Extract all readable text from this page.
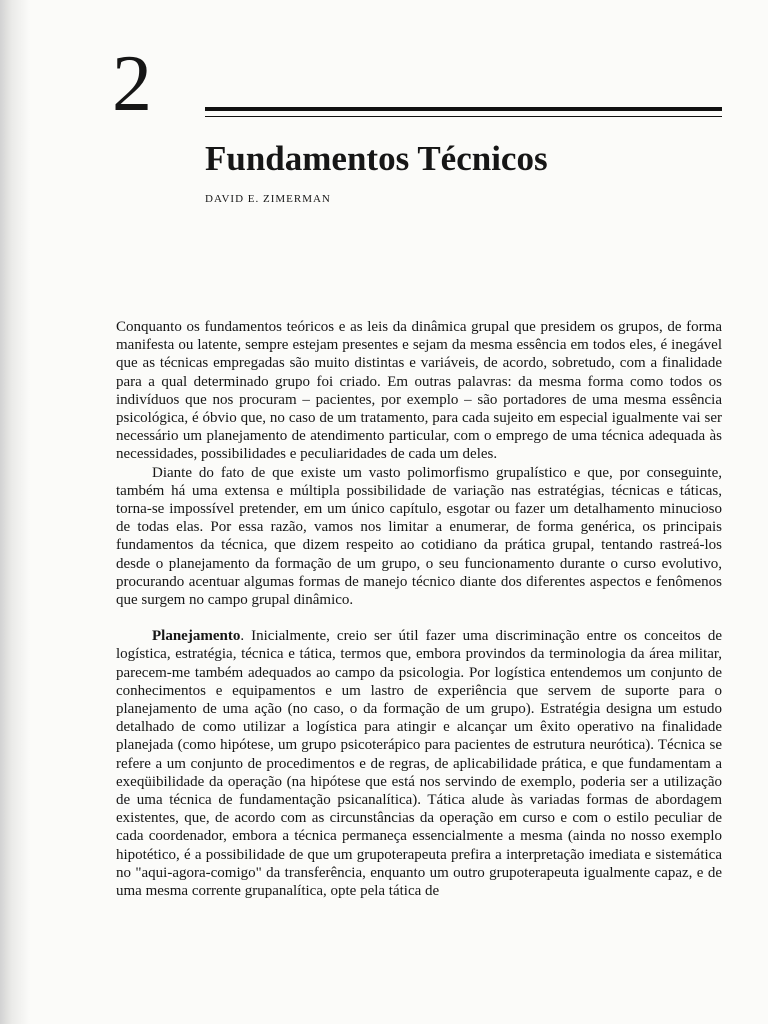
2
Fundamentos Técnicos
DAVID E. ZIMERMAN

Conquanto os fundamentos teóricos e as leis da dinâmica grupal que presidem os grupos, de forma manifesta ou latente, sempre estejam presentes e sejam da mesma essência em todos eles, é inegável que as técnicas empregadas são muito distintas e variáveis, de acordo, sobretudo, com a finalidade para a qual determinado grupo foi criado. Em outras palavras: da mesma forma como todos os indivíduos que nos procuram – pacientes, por exemplo – são portadores de uma mesma essência psicológica, é óbvio que, no caso de um tratamento, para cada sujeito em especial igualmente vai ser necessário um planejamento de atendimento particular, com o emprego de uma técnica adequada às necessidades, possibilidades e peculiaridades de cada um deles.

Diante do fato de que existe um vasto polimorfismo grupalístico e que, por conseguinte, também há uma extensa e múltipla possibilidade de variação nas estratégias, técnicas e táticas, torna-se impossível pretender, em um único capítulo, esgotar ou fazer um detalhamento minucioso de todas elas. Por essa razão, vamos nos limitar a enumerar, de forma genérica, os principais fundamentos da técnica, que dizem respeito ao cotidiano da prática grupal, tentando rastreá-los desde o planejamento da formação de um grupo, o seu funcionamento durante o curso evolutivo, procurando acentuar algumas formas de manejo técnico diante dos diferentes aspectos e fenômenos que surgem no campo grupal dinâmico.

Planejamento. Inicialmente, creio ser útil fazer uma discriminação entre os conceitos de logística, estratégia, técnica e tática, termos que, embora provindos da terminologia da área militar, parecem-me também adequados ao campo da psicologia. Por logística entendemos um conjunto de conhecimentos e equipamentos e um lastro de experiência que servem de suporte para o planejamento de uma ação (no caso, o da formação de um grupo). Estratégia designa um estudo detalhado de como utilizar a logística para atingir e alcançar um êxito operativo na finalidade planejada (como hipótese, um grupo psicoterápico para pacientes de estrutura neurótica). Técnica se refere a um conjunto de procedimentos e de regras, de aplicabilidade prática, e que fundamentam a exeqüibilidade da operação (na hipótese que está nos servindo de exemplo, poderia ser a utilização de uma técnica de fundamentação psicanalítica). Tática alude às variadas formas de abordagem existentes, que, de acordo com as circunstâncias da operação em curso e com o estilo peculiar de cada coordenador, embora a técnica permaneça essencialmente a mesma (ainda no nosso exemplo hipotético, é a possibilidade de que um grupoterapeuta prefira a interpretação imediata e sistemática no "aqui-agora-comigo" da transferência, enquanto um outro grupoterapeuta igualmente capaz, e de uma mesma corrente grupanalítica, opte pela tática de
